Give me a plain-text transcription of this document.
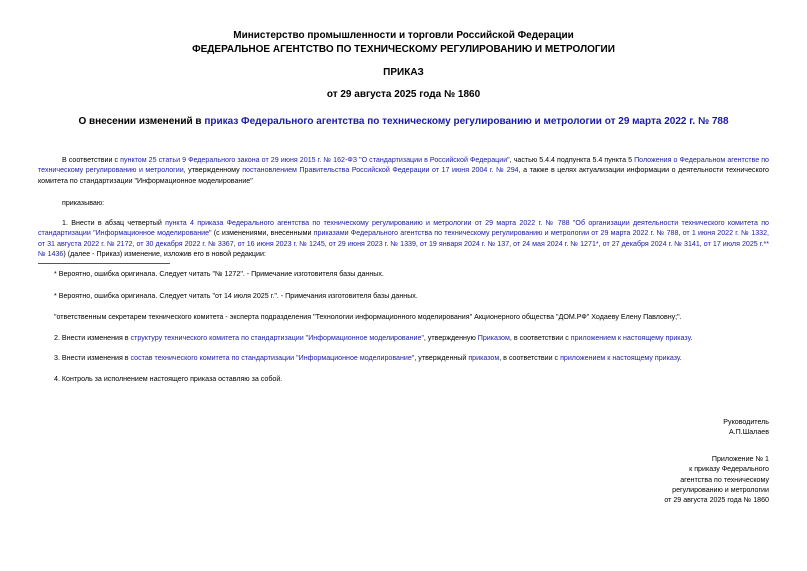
Министерство промышленности и торговли Российской Федерации
ФЕДЕРАЛЬНОЕ АГЕНТСТВО ПО ТЕХНИЧЕСКОМУ РЕГУЛИРОВАНИЮ И МЕТРОЛОГИИ
ПРИКАЗ
от 29 августа 2025 года № 1860
О внесении изменений в приказ Федерального агентства по техническому регулированию и метрологии от 29 марта 2022 г. № 788
В соответствии с пунктом 25 статьи 9 Федерального закона от 29 июня 2015 г. № 162-ФЗ "О стандартизации в Российской Федерации", частью 5.4.4 подпункта 5.4 пункта 5 Положения о Федеральном агентстве по техническому регулированию и метрологии, утвержденному постановлением Правительства Российской Федерации от 17 июня 2004 г. № 294, а также в целях актуализации информации о деятельности технического комитета по стандартизации "Информационное моделирование"
приказываю:
1. Внести в абзац четвертый пункта 4 приказа Федерального агентства по техническому регулированию и метрологии от 29 марта 2022 г. № 788 "Об организации деятельности технического комитета по стандартизации "Информационное моделирование" (с изменениями, внесенными приказами Федерального агентства по техническому регулированию и метрологии от 29 марта 2022 г. № 788, от 1 июня 2022 г. № 1332, от 31 августа 2022 г. № 2172, от 30 декабря 2022 г. № 3367, от 16 июня 2023 г. № 1245, от 29 июня 2023 г. № 1339, от 19 января 2024 г. № 137, от 24 мая 2024 г. № 1271*, от 27 декабря 2024 г. № 3141, от 17 июля 2025 г.** № 1436) (далее - Приказ) изменение, изложив его в новой редакции:
* Вероятно, ошибка оригинала. Следует читать "№ 1272". - Примечание изготовителя базы данных.
* Вероятно, ошибка оригинала. Следует читать "от 14 июля 2025 г.". - Примечания изготовителя базы данных.
"ответственным секретарем технического комитета - эксперта подразделения "Технологии информационного моделирования" Акционерного общества "ДОМ.РФ" Ходаеву Елену Павловну;".
2. Внести изменения в структуру технического комитета по стандартизации "Информационное моделирование", утвержденную Приказом, в соответствии с приложением к настоящему приказу.
3. Внести изменения в состав технического комитета по стандартизации "Информационное моделирование", утвержденный приказом, в соответствии с приложением к настоящему приказу.
4. Контроль за исполнением настоящего приказа оставляю за собой.
Руководитель
А.П.Шалаев
Приложение № 1
к приказу Федерального
агентства по техническому
регулированию и метрологии
от 29 августа 2025 года № 1860
